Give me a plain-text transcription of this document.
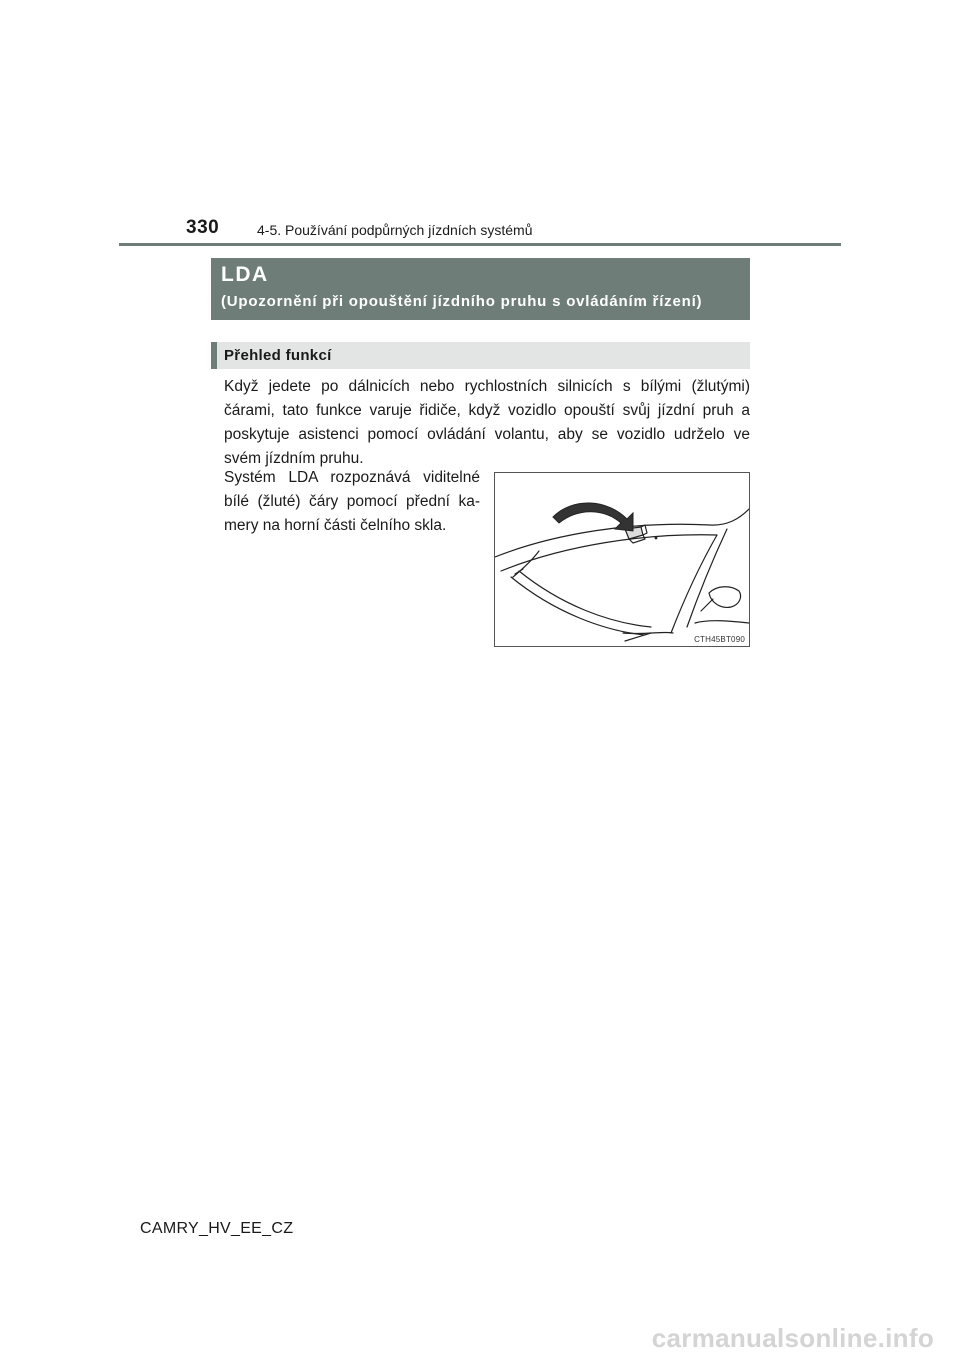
330	4-5. Používání podpůrných jízdních systémů
LDA
(Upozornění při opouštění jízdního pruhu s ovládáním řízení)
Přehled funkcí

Když jedete po dálnicích nebo rychlostních silnicích s bílými (žlutými) čárami, tato funkce varuje řidiče, když vozidlo opouští svůj jízdní pruh a poskytuje asistenci pomocí ovládání volantu, aby se vozidlo udrželo ve svém jízdním pruhu.

Systém LDA rozpoznává viditelné bílé (žluté) čáry pomocí přední ka-mery na horní části čelního skla.

CTH45BT090
CAMRY_HV_EE_CZ
carmanualsonline.info
